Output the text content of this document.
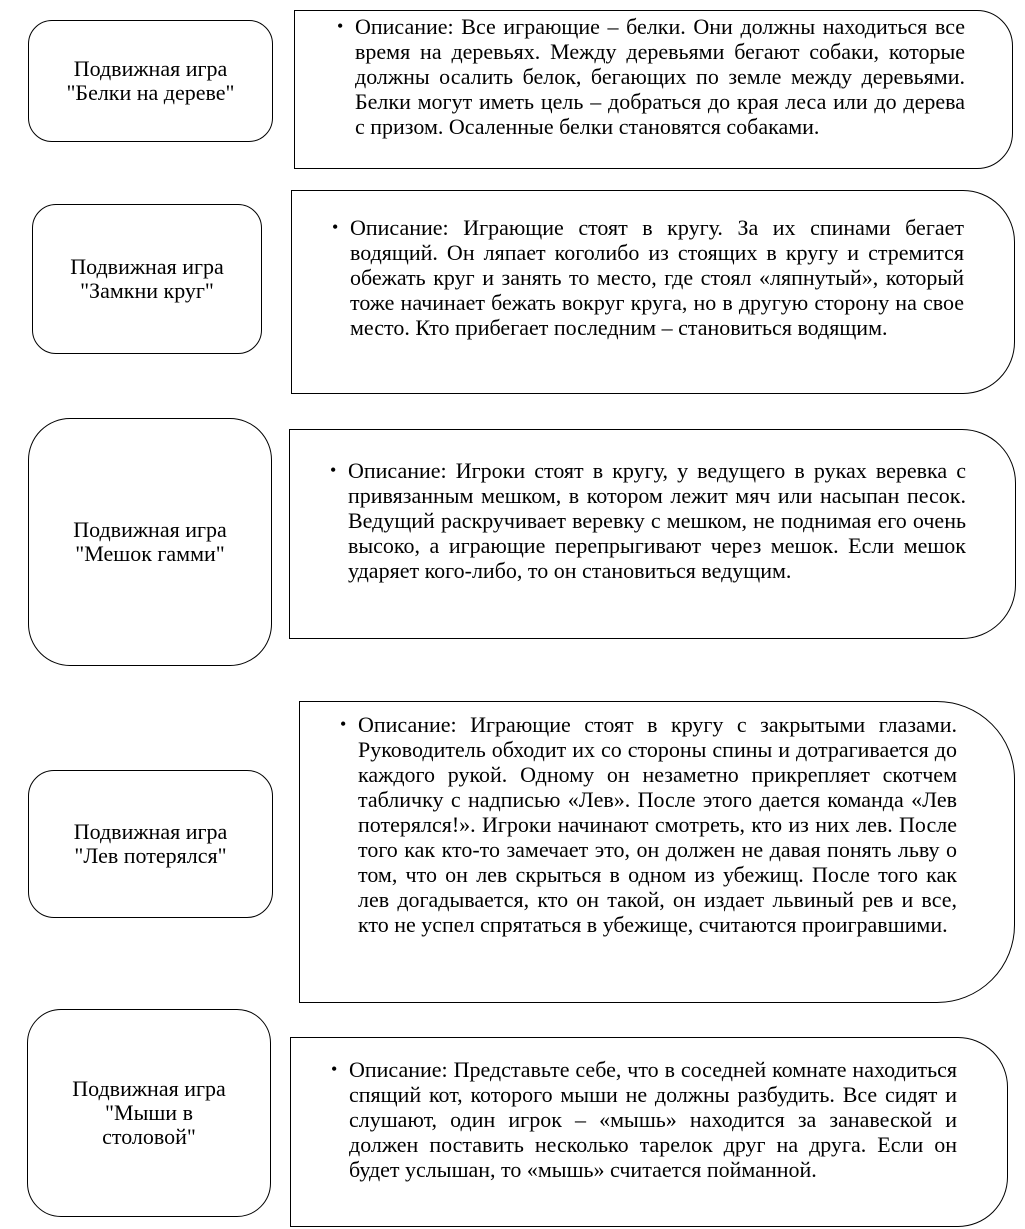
Подвижная игра
"Белки на дереве"
• Описание: Все играющие – белки. Они должны находиться все время на деревьях. Между деревьями бегают собаки, которые должны осалить белок, бегающих по земле между деревьями. Белки могут иметь цель – добраться до края леса или до дерева с призом. Осаленные белки становятся собаками.

Подвижная игра
"Замкни круг"
• Описание: Играющие стоят в кругу. За их спинами бегает водящий. Он ляпает коголибо из стоящих в кругу и стремится обежать круг и занять то место, где стоял «ляпнутый», который тоже начинает бежать вокруг круга, но в другую сторону на свое место. Кто прибегает последним – становиться водящим.

Подвижная игра
"Мешок гамми"
• Описание: Игроки стоят в кругу, у ведущего в руках веревка с привязанным мешком, в котором лежит мяч или насыпан песок. Ведущий раскручивает веревку с мешком, не поднимая его очень высоко, а играющие перепрыгивают через мешок. Если мешок ударяет кого-либо, то он становиться ведущим.

Подвижная игра
"Лев потерялся"
• Описание: Играющие стоят в кругу с закрытыми глазами. Руководитель обходит их со стороны спины и дотрагивается до каждого рукой. Одному он незаметно прикрепляет скотчем табличку с надписью «Лев». После этого дается команда «Лев потерялся!». Игроки начинают смотреть, кто из них лев. После того как кто-то замечает это, он должен не давая понять льву о том, что он лев скрыться в одном из убежищ. После того как лев догадывается, кто он такой, он издает львиный рев и все, кто не успел спрятаться в убежище, считаются проигравшими.

Подвижная игра
"Мыши в
столовой"
• Описание: Представьте себе, что в соседней комнате находиться спящий кот, которого мыши не должны разбудить. Все сидят и слушают, один игрок – «мышь» находится за занавеской и должен поставить несколько тарелок друг на друга. Если он будет услышан, то «мышь» считается пойманной.
